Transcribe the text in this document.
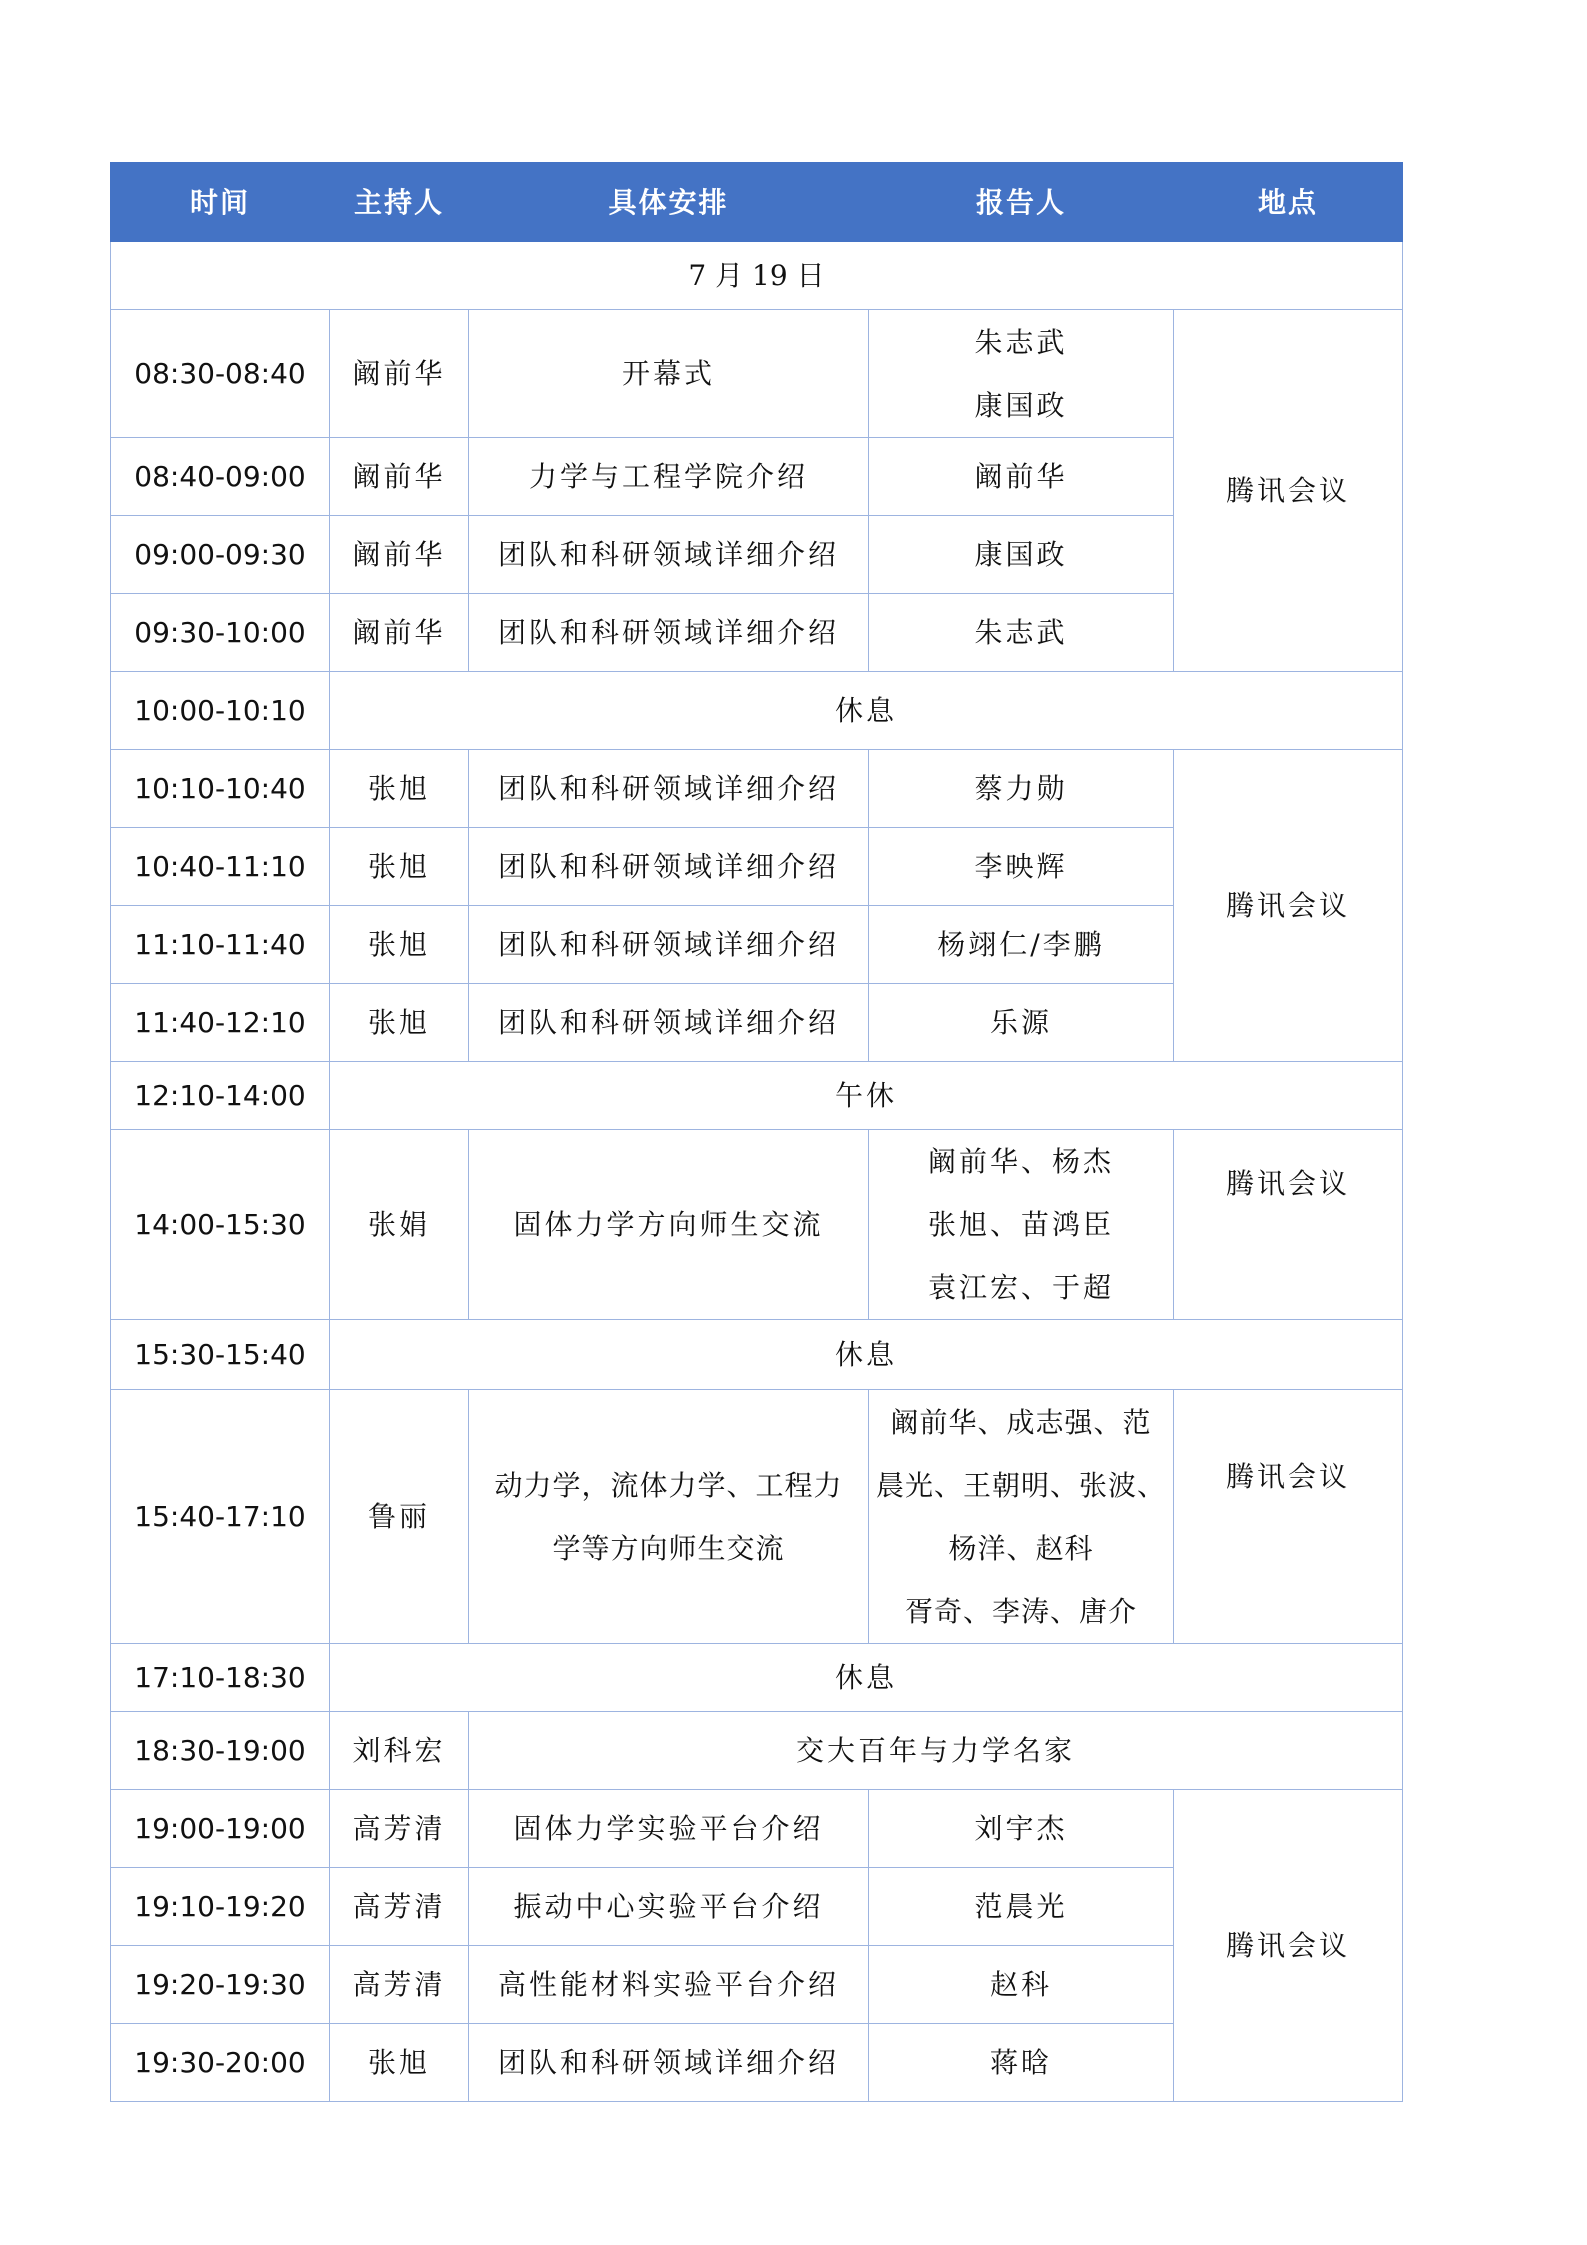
时间	主持人	具体安排	报告人	地点
7 月 19 日				
08:30-08:40	阚前华	开幕式	朱志武
康国政	腾讯会议
08:40-09:00	阚前华	力学与工程学院介绍	阚前华	
09:00-09:30	阚前华	团队和科研领域详细介绍	康国政	
09:30-10:00	阚前华	团队和科研领域详细介绍	朱志武	
10:00-10:10	休息			
10:10-10:40	张旭	团队和科研领域详细介绍	蔡力勋	腾讯会议
10:40-11:10	张旭	团队和科研领域详细介绍	李映辉	
11:10-11:40	张旭	团队和科研领域详细介绍	杨翊仁/李鹏	
11:40-12:10	张旭	团队和科研领域详细介绍	乐源	
12:10-14:00	午休			
14:00-15:30	张娟	固体力学方向师生交流	阚前华、杨杰
张旭、苗鸿臣
袁江宏、于超	腾讯会议
15:30-15:40	休息			
15:40-17:10	鲁丽	动力学，流体力学、工程力
学等方向师生交流	阚前华、成志强、范
晨光、王朝明、张波、
杨洋、赵科
胥奇、李涛、唐介	腾讯会议
17:10-18:30	休息			
18:30-19:00	刘科宏	交大百年与力学名家		
19:00-19:00	高芳清	固体力学实验平台介绍	刘宇杰	腾讯会议
19:10-19:20	高芳清	振动中心实验平台介绍	范晨光	
19:20-19:30	高芳清	高性能材料实验平台介绍	赵科	
19:30-20:00	张旭	团队和科研领域详细介绍	蒋晗	
